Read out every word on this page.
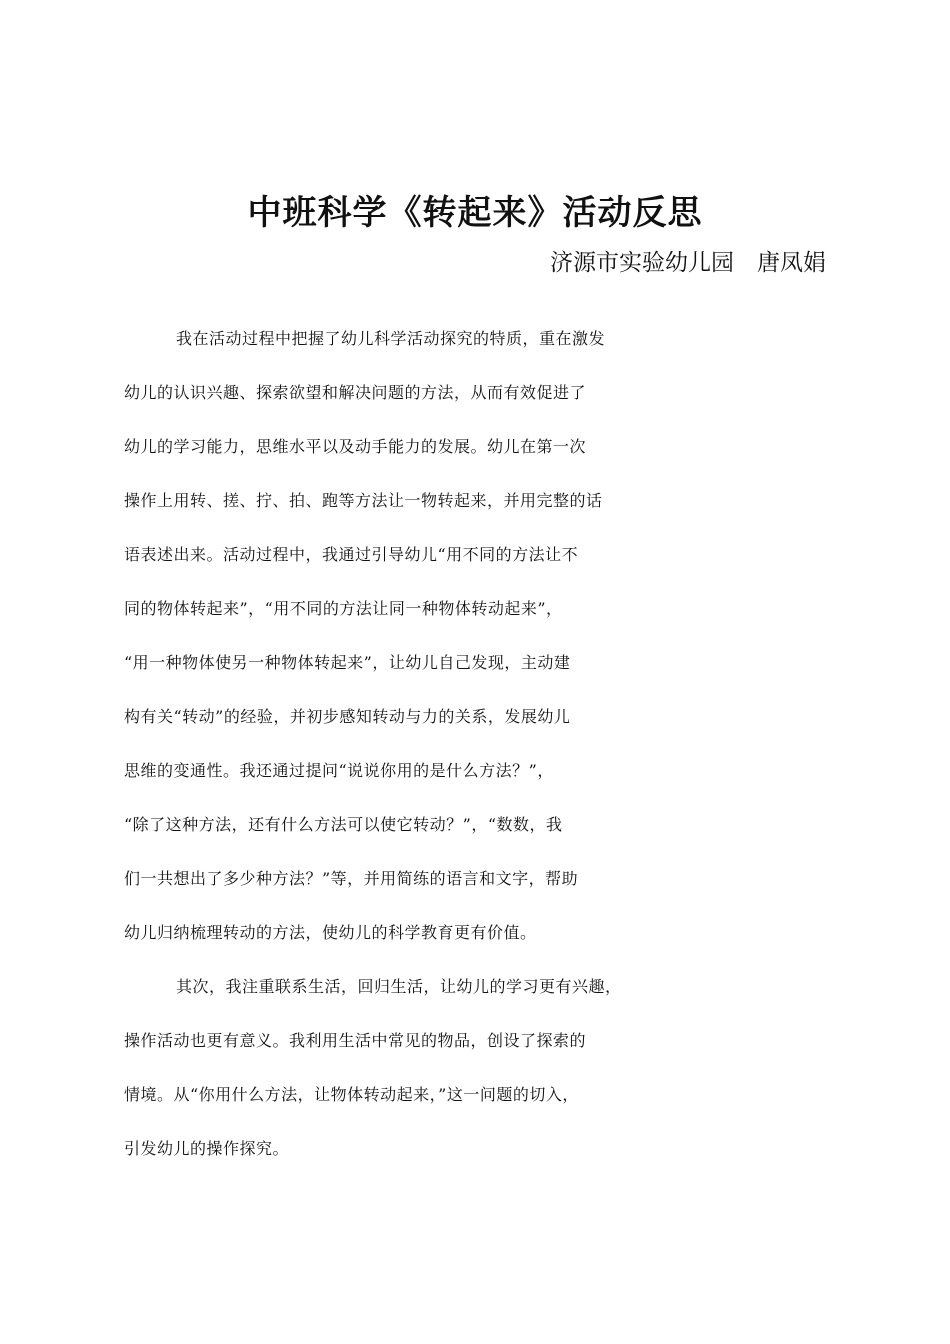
中班科学《转起来》活动反思
济源市实验幼儿园　唐凤娟
我在活动过程中把握了幼儿科学活动探究的特质，重在激发
幼儿的认识兴趣、探索欲望和解决问题的方法，从而有效促进了
幼儿的学习能力，思维水平以及动手能力的发展。幼儿在第一次
操作上用转、搓、拧、拍、跑等方法让一物转起来，并用完整的话
语表述出来。活动过程中，我通过引导幼儿“用不同的方法让不
同的物体转起来”，“用不同的方法让同一种物体转动起来”，
“用一种物体使另一种物体转起来”，让幼儿自己发现，主动建
构有关“转动”的经验，并初步感知转动与力的关系，发展幼儿
思维的变通性。我还通过提问“说说你用的是什么方法？”，
“除了这种方法，还有什么方法可以使它转动？”，“数数，我
们一共想出了多少种方法？”等，并用简练的语言和文字，帮助
幼儿归纳梳理转动的方法，使幼儿的科学教育更有价值。
其次，我注重联系生活，回归生活，让幼儿的学习更有兴趣，
操作活动也更有意义。我利用生活中常见的物品，创设了探索的
情境。从“你用什么方法，让物体转动起来，”这一问题的切入，
引发幼儿的操作探究。
